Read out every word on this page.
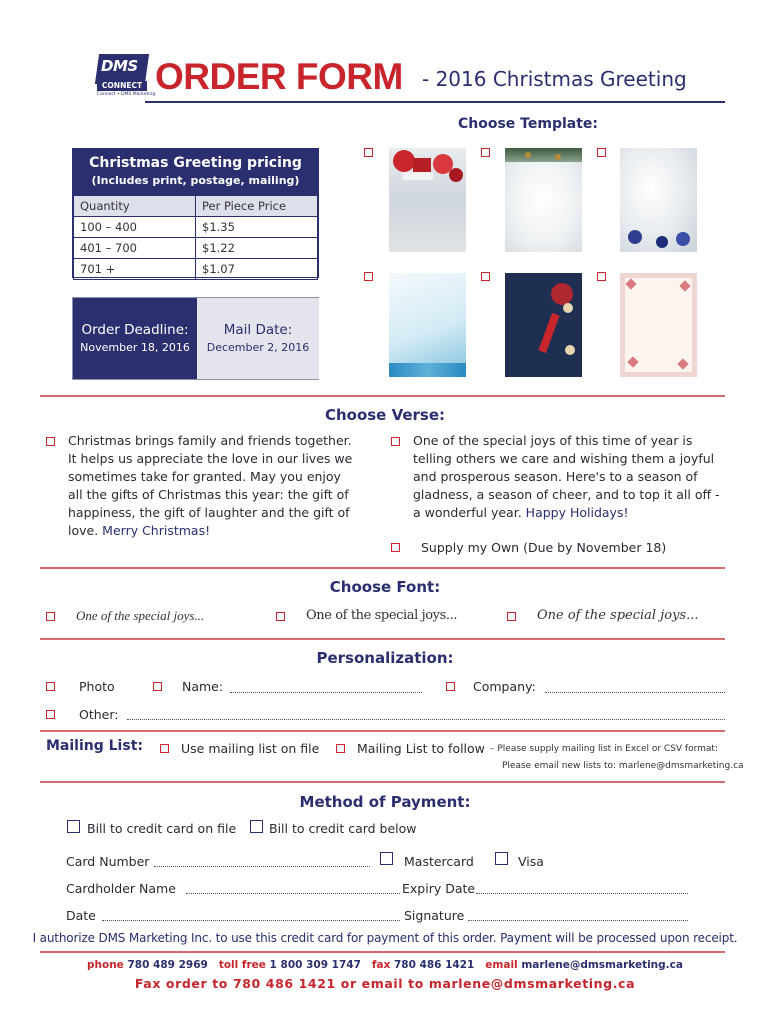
DMS
CONNECT
Connect • DMS Marketing ORDER FORM - 2016 Christmas Greeting
Choose Template:
Christmas Greeting pricing
(Includes print, postage, mailing)
Quantity	Per Piece Price
100 – 400	$1.35
401 – 700	$1.22
701 +	$1.07
Order Deadline:
November 18, 2016
Mail Date:
December 2, 2016
Choose Verse:
Christmas brings family and friends together. It helps us appreciate the love in our lives we sometimes take for granted. May you enjoy all the gifts of Christmas this year: the gift of happiness, the gift of laughter and the gift of love. Merry Christmas!
One of the special joys of this time of year is telling others we care and wishing them a joyful and prosperous season. Here's to a season of gladness, a season of cheer, and to top it all off - a wonderful year. Happy Holidays!
Supply my Own (Due by November 18)
Choose Font:
One of the special joys...	One of the special joys...	One of the special joys...
Personalization:
Photo	Name:	Company:
Other:
Mailing List:	Use mailing list on file	Mailing List to follow – Please supply mailing list in Excel or CSV format:
Please email new lists to: marlene@dmsmarketing.ca
Method of Payment:
Bill to credit card on file	Bill to credit card below
Card Number	Mastercard	Visa
Cardholder Name	Expiry Date
Date	Signature
I authorize DMS Marketing Inc. to use this credit card for payment of this order. Payment will be processed upon receipt.
phone 780 489 2969 toll free 1 800 309 1747 fax 780 486 1421 email marlene@dmsmarketing.ca
Fax order to 780 486 1421 or email to marlene@dmsmarketing.ca
